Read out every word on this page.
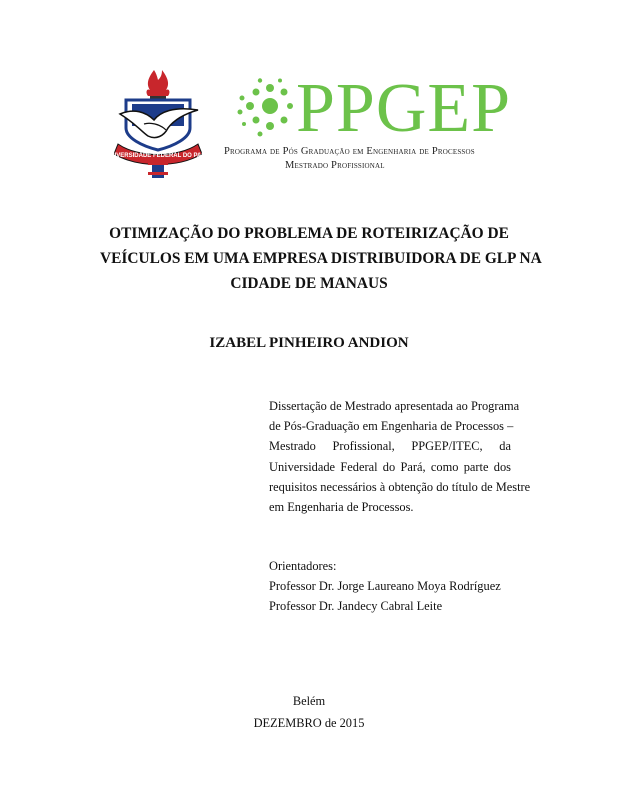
UNIVERSIDADE FEDERAL DO PARÁ
PPGEP
Programa de Pós Graduação em Engenharia de Processos
Mestrado Profissional
OTIMIZAÇÃO DO PROBLEMA DE ROTEIRIZAÇÃO DE
VEÍCULOS EM UMA EMPRESA DISTRIBUIDORA DE GLP NA
CIDADE DE MANAUS
IZABEL PINHEIRO ANDION
Dissertação de Mestrado apresentada ao Programa
de Pós-Graduação em Engenharia de Processos –
Mestrado Profissional, PPGEP/ITEC, da
Universidade Federal do Pará, como parte dos
requisitos necessários à obtenção do título de Mestre
em Engenharia de Processos.
Orientadores:
Professor Dr. Jorge Laureano Moya Rodríguez
Professor Dr. Jandecy Cabral Leite
Belém
DEZEMBRO de 2015
